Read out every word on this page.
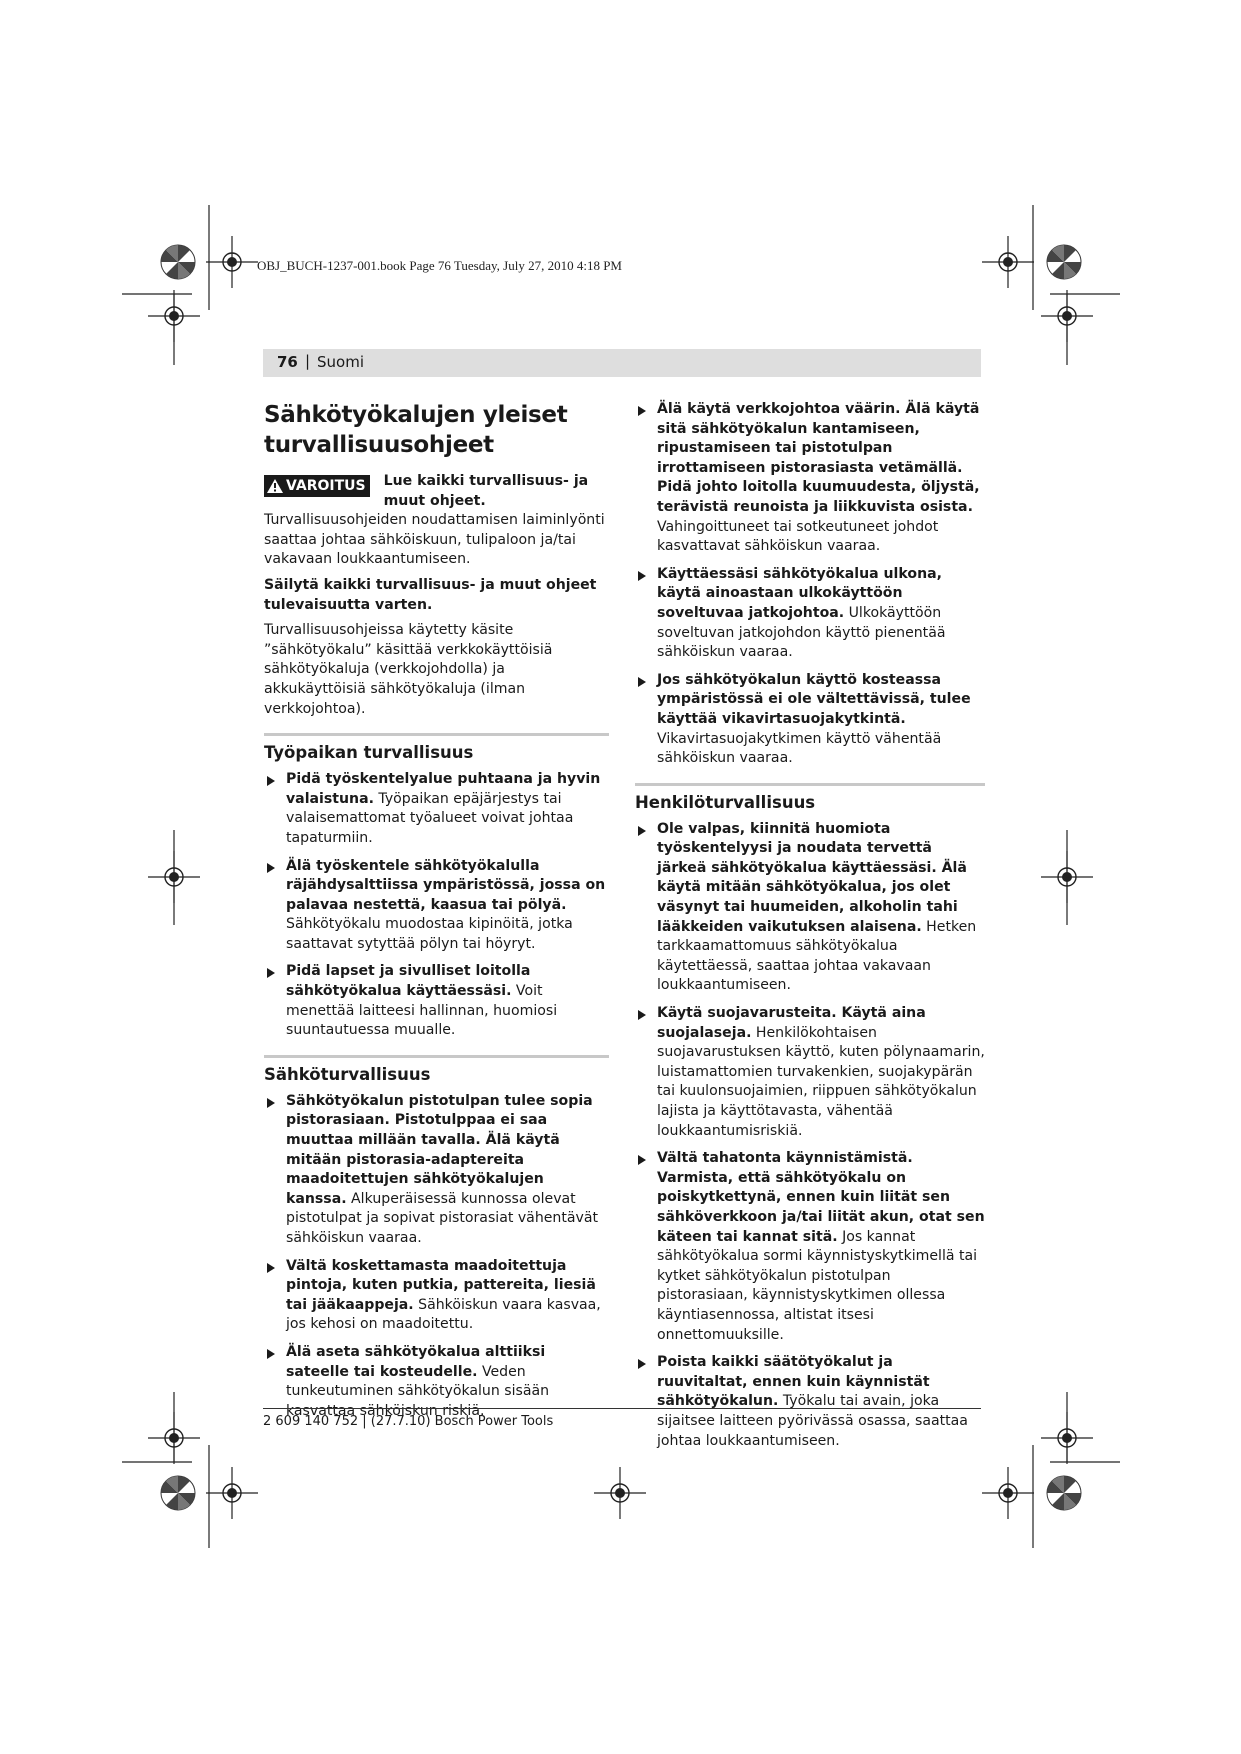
OBJ_BUCH-1237-001.book Page 76 Tuesday, July 27, 2010 4:18 PM
76 | Suomi
Sähkötyökalujen yleiset turvallisuusohjeet
VAROITUS Lue kaikki turvallisuus- ja muut ohjeet. Turvallisuusohjeiden noudattamisen laiminlyönti saattaa johtaa sähköiskuun, tulipaloon ja/tai vakavaan loukkaantumiseen.

Säilytä kaikki turvallisuus- ja muut ohjeet tulevaisuutta varten.

Turvallisuusohjeissa käytetty käsite ”sähkötyökalu” käsittää verkkokäyttöisiä sähkötyökaluja (verkkojohdolla) ja akkukäyttöisiä sähkötyökaluja (ilman verkkojohtoa).

Työpaikan turvallisuus
Pidä työskentelyalue puhtaana ja hyvin valaistuna. Työpaikan epäjärjestys tai valaisemattomat työalueet voivat johtaa tapaturmiin.
Älä työskentele sähkötyökalulla räjähdysalttiissa ympäristössä, jossa on palavaa nestettä, kaasua tai pölyä. Sähkötyökalu muodostaa kipinöitä, jotka saattavat sytyttää pölyn tai höyryt.
Pidä lapset ja sivulliset loitolla sähkötyökalua käyttäessäsi. Voit menettää laitteesi hallinnan, huomiosi suuntautuessa muualle.
Sähköturvallisuus
Sähkötyökalun pistotulpan tulee sopia pistorasiaan. Pistotulppaa ei saa muuttaa millään tavalla. Älä käytä mitään pistorasia-adaptereita maadoitettujen sähkötyökalujen kanssa. Alkuperäisessä kunnossa olevat pistotulpat ja sopivat pistorasiat vähentävät sähköiskun vaaraa.
Vältä koskettamasta maadoitettuja pintoja, kuten putkia, pattereita, liesiä tai jääkaappeja. Sähköiskun vaara kasvaa, jos kehosi on maadoitettu.
Älä aseta sähkötyökalua alttiiksi sateelle tai kosteudelle. Veden tunkeutuminen sähkötyökalun sisään kasvattaa sähköiskun riskiä.
Älä käytä verkkojohtoa väärin. Älä käytä sitä sähkötyökalun kantamiseen, ripustamiseen tai pistotulpan irrottamiseen pistorasiasta vetämällä. Pidä johto loitolla kuumuudesta, öljystä, terävistä reunoista ja liikkuvista osista. Vahingoittuneet tai sotkeutuneet johdot kasvattavat sähköiskun vaaraa.
Käyttäessäsi sähkötyökalua ulkona, käytä ainoastaan ulkokäyttöön soveltuvaa jatkojohtoa. Ulkokäyttöön soveltuvan jatkojohdon käyttö pienentää sähköiskun vaaraa.
Jos sähkötyökalun käyttö kosteassa ympäristössä ei ole vältettävissä, tulee käyttää vikavirtasuojakytkintä. Vikavirtasuojakytkimen käyttö vähentää sähköiskun vaaraa.
Henkilöturvallisuus
Ole valpas, kiinnitä huomiota työskentelyysi ja noudata tervettä järkeä sähkötyökalua käyttäessäsi. Älä käytä mitään sähkötyökalua, jos olet väsynyt tai huumeiden, alkoholin tahi lääkkeiden vaikutuksen alaisena. Hetken tarkkaamattomuus sähkötyökalua käytettäessä, saattaa johtaa vakavaan loukkaantumiseen.
Käytä suojavarusteita. Käytä aina suojalaseja. Henkilökohtaisen suojavarustuksen käyttö, kuten pölynaamarin, luistamattomien turvakenkien, suojakypärän tai kuulonsuojaimien, riippuen sähkötyökalun lajista ja käyttötavasta, vähentää loukkaantumisriskiä.
Vältä tahatonta käynnistämistä. Varmista, että sähkötyökalu on poiskytkettynä, ennen kuin liität sen sähköverkkoon ja/tai liität akun, otat sen käteen tai kannat sitä. Jos kannat sähkötyökalua sormi käynnistyskytkimellä tai kytket sähkötyökalun pistotulpan pistorasiaan, käynnistyskytkimen ollessa käyntiasennossa, altistat itsesi onnettomuuksille.
Poista kaikki säätötyökalut ja ruuvitaltat, ennen kuin käynnistät sähkötyökalun. Työkalu tai avain, joka sijaitsee laitteen pyörivässä osassa, saattaa johtaa loukkaantumiseen.
2 609 140 752 | (27.7.10) Bosch Power Tools
